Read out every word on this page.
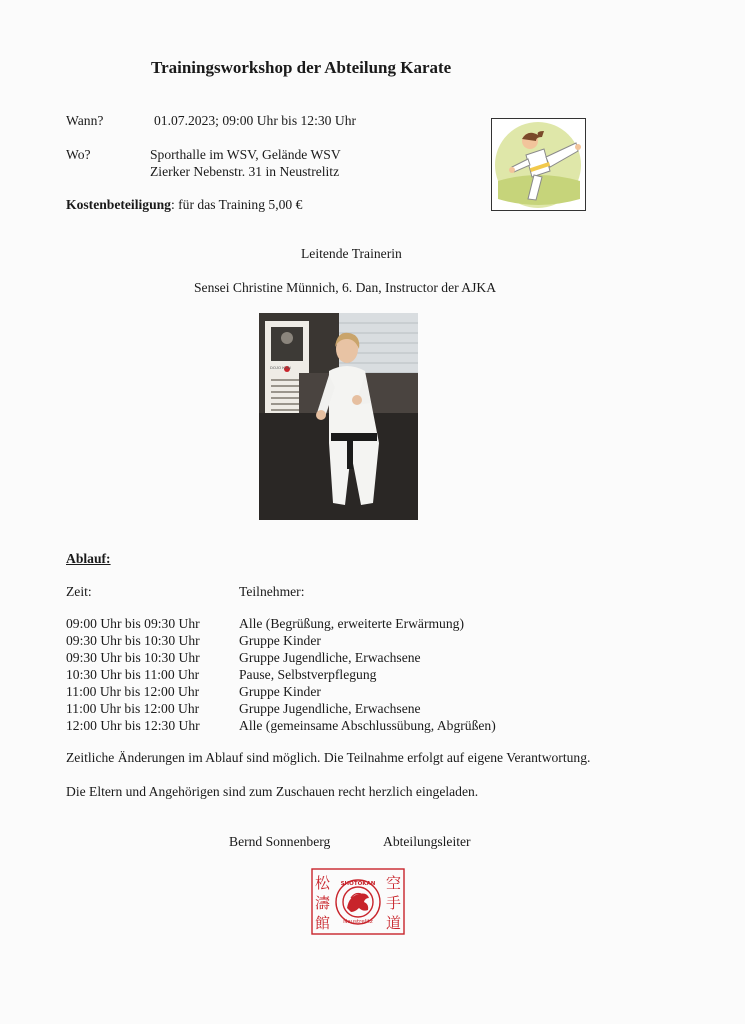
Trainingsworkshop der Abteilung Karate
Wann?	01.07.2023; 09:00 Uhr bis 12:30 Uhr
Wo?	Sporthalle im WSV, Gelände WSV
Zierker Nebenstr. 31 in Neustrelitz
Kostenbeteiligung: für das Training 5,00 €
Leitende Trainerin
Sensei Christine Münnich, 6. Dan, Instructor der AJKA
DOJO KUN
Ablauf:
Zeit:	Teilnehmer:
09:00 Uhr bis 09:30 Uhr	Alle (Begrüßung, erweiterte Erwärmung)
09:30 Uhr bis 10:30 Uhr	Gruppe Kinder
09:30 Uhr bis 10:30 Uhr	Gruppe Jugendliche, Erwachsene
10:30 Uhr bis 11:00 Uhr	Pause, Selbstverpflegung
11:00 Uhr bis 12:00 Uhr	Gruppe Kinder
11:00 Uhr bis 12:00 Uhr	Gruppe Jugendliche, Erwachsene
12:00 Uhr bis 12:30 Uhr	Alle (gemeinsame Abschlussübung, Abgrüßen)
Zeitliche Änderungen im Ablauf sind möglich. Die Teilnahme erfolgt auf eigene Verantwortung.
Die Eltern und Angehörigen sind zum Zuschauen recht herzlich eingeladen.
Bernd Sonnenberg	Abteilungsleiter
松
濤
館
空
手
道
SHOTOKAN
Neustrelitz
